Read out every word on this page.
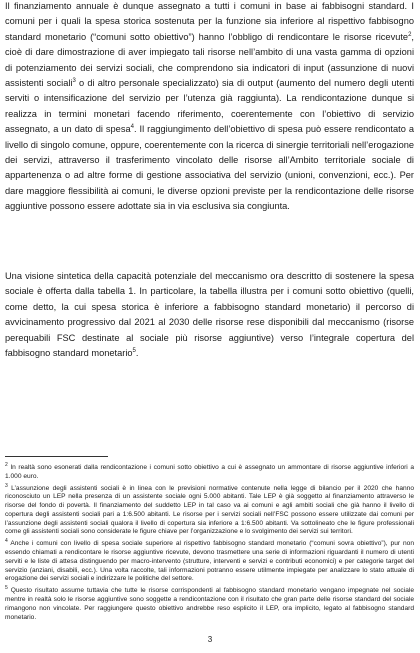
Il finanziamento annuale è dunque assegnato a tutti i comuni in base ai fabbisogni standard. I comuni per i quali la spesa storica sostenuta per la funzione sia inferiore al rispettivo fabbisogno standard monetario (“comuni sotto obiettivo”) hanno l’obbligo di rendicontare le risorse ricevute$^2$, cioè di dare dimostrazione di aver impiegato tali risorse nell’ambito di una vasta gamma di opzioni di potenziamento dei servizi sociali, che comprendono sia indicatori di input (assunzione di nuovi assistenti sociali$^3$ o di altro personale specializzato) sia di output (aumento del numero degli utenti serviti o intensificazione del servizio per l’utenza già raggiunta). La rendicontazione dunque si realizza in termini monetari facendo riferimento, coerentemente con l’obiettivo di servizio assegnato, a un dato di spesa$^4$. Il raggiungimento dell’obiettivo di spesa può essere rendicontato a livello di singolo comune, oppure, coerentemente con la ricerca di sinergie territoriali nell’erogazione dei servizi, attraverso il trasferimento vincolato delle risorse all’Ambito territoriale sociale di appartenenza o ad altre forme di gestione associativa del servizio (unioni, convenzioni, ecc.). Per dare maggiore flessibilità ai comuni, le diverse opzioni previste per la rendicontazione delle risorse aggiuntive possono essere adottate sia in via esclusiva sia congiunta.

Una visione sintetica della capacità potenziale del meccanismo ora descritto di sostenere la spesa sociale è offerta dalla tabella 1. In particolare, la tabella illustra per i comuni sotto obiettivo (quelli, come detto, la cui spesa storica è inferiore a fabbisogno standard monetario) il percorso di avvicinamento progressivo dal 2021 al 2030 delle risorse rese disponibili dal meccanismo (risorse perequabili FSC destinate al sociale più risorse aggiuntive) verso l’integrale copertura del fabbisogno standard monetario$^5$.

$^2$ In realtà sono esonerati dalla rendicontazione i comuni sotto obiettivo a cui è assegnato un ammontare di risorse aggiuntive inferiori a 1.000 euro.

$^3$ L’assunzione degli assistenti sociali è in linea con le previsioni normative contenute nella legge di bilancio per il 2020 che hanno riconosciuto un LEP nella presenza di un assistente sociale ogni 5.000 abitanti. Tale LEP è già soggetto al finanziamento attraverso le risorse del fondo di povertà. Il finanziamento del suddetto LEP in tal caso va ai comuni e agli ambiti sociali che già hanno il livello di copertura degli assistenti sociali pari a 1:6.500 abitanti. Le risorse per i servizi sociali nell’FSC possono essere utilizzate dai comuni per l’assunzione degli assistenti sociali qualora il livello di copertura sia inferiore a 1:6.500 abitanti. Va sottolineato che le figure professionali come gli assistenti sociali sono considerate le figure chiave per l’organizzazione e lo svolgimento dei servizi sui territori.

$^4$ Anche i comuni con livello di spesa sociale superiore al rispettivo fabbisogno standard monetario (“comuni sovra obiettivo”), pur non essendo chiamati a rendicontare le risorse aggiuntive ricevute, devono trasmettere una serie di informazioni riguardanti il numero di utenti serviti e le liste di attesa distinguendo per macro-intervento (strutture, interventi e servizi e contributi economici) e per categorie target del servizio (anziani, disabili, ecc.). Una volta raccolte, tali informazioni potranno essere utilmente impiegate per analizzare lo stato attuale di erogazione dei servizi sociali e indirizzare le politiche del settore.

$^5$ Questo risultato assume tuttavia che tutte le risorse corrispondenti al fabbisogno standard monetario vengano impegnate nel sociale mentre in realtà solo le risorse aggiuntive sono soggette a rendicontazione con il risultato che gran parte delle risorse standard del sociale rimangono non vincolate. Per raggiungere questo obiettivo andrebbe reso esplicito il LEP, ora implicito, legato al fabbisogno standard monetario.

3
